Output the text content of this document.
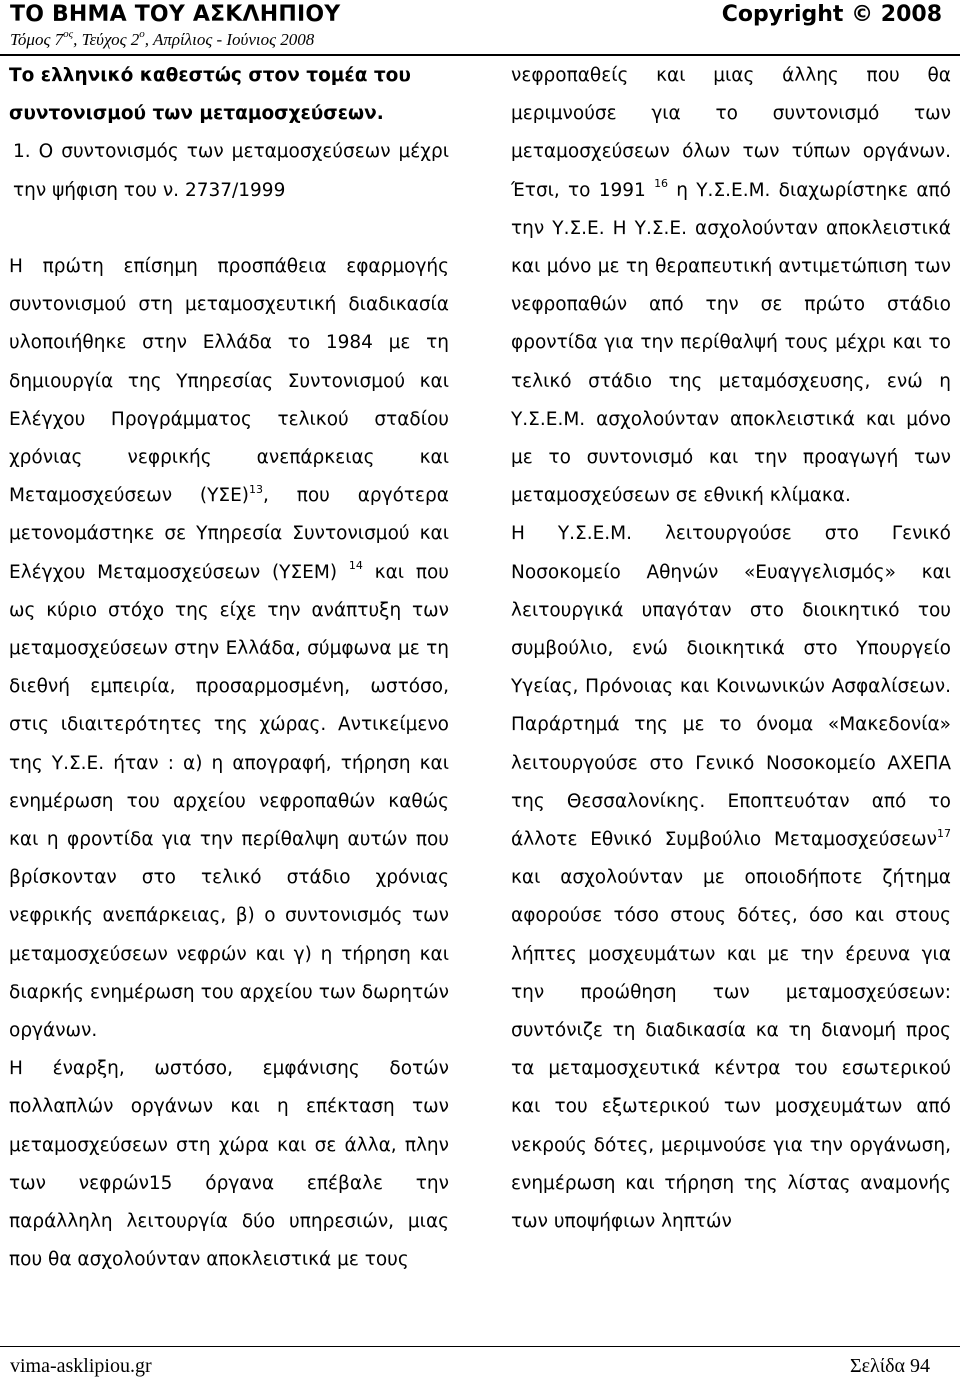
ΤΟ ΒΗΜΑ ΤΟΥ ΑΣΚΛΗΠΙΟΥ
Τόμος $7^{o\varsigma}$, Τεύχος $2^o$, Απρίλιος - Ιούνιος 2008
Copyright © 2008

Το ελληνικό καθεστώς στον τομέα του

συντονισμού των μεταμοσχεύσεων.

1. Ο συντονισμός των μεταμοσχεύσεων μέχρι την ψήφιση του ν. 2737/1999

Η πρώτη επίσημη προσπάθεια εφαρμογής συντονισμού στη μεταμοσχευτική διαδικασία υλοποιήθηκε στην Ελλάδα το 1984 με τη δημιουργία της Υπηρεσίας Συντονισμού και Ελέγχου Προγράμματος τελικού σταδίου χρόνιας νεφρικής ανεπάρκειας και Μεταμοσχεύσεων $(\Upsilon\Sigma E)^{13}$, που αργότερα μετονομάστηκε σε Υπηρεσία Συντονισμού και Ελέγχου Μεταμοσχεύσεων (ΥΣΕΜ) $^{14}$ και που ως κύριο στόχο της είχε την ανάπτυξη των μεταμοσχεύσεων στην Ελλάδα, σύμφωνα με τη διεθνή εμπειρία, προσαρμοσμένη, ωστόσο, στις ιδιαιτερότητες της χώρας. Αντικείμενο της Υ.Σ.Ε. ήταν : α) η απογραφή, τήρηση και ενημέρωση του αρχείου νεφροπαθών καθώς και η φροντίδα για την περίθαλψη αυτών που βρίσκονταν στο τελικό στάδιο χρόνιας νεφρικής ανεπάρκειας, β) ο συντονισμός των μεταμοσχεύσεων νεφρών και γ) η τήρηση και διαρκής ενημέρωση του αρχείου των δωρητών οργάνων.

Η έναρξη, ωστόσο, εμφάνισης δοτών πολλαπλών οργάνων και η επέκταση των μεταμοσχεύσεων στη χώρα και σε άλλα, πλην των νεφρών15 όργανα επέβαλε την παράλληλη λειτουργία δύο υπηρεσιών, μιας που θα ασχολούνταν αποκλειστικά με τους

νεφροπαθείς και μιας άλλης που θα μεριμνούσε για το συντονισμό των μεταμοσχεύσεων όλων των τύπων οργάνων. Έτσι, το 1991 $^{16}$ η Υ.Σ.Ε.Μ. διαχωρίστηκε από την Υ.Σ.Ε. Η Υ.Σ.Ε. ασχολούνταν αποκλειστικά και μόνο με τη θεραπευτική αντιμετώπιση των νεφροπαθών από την σε πρώτο στάδιο φροντίδα για την περίθαλψή τους μέχρι και το τελικό στάδιο της μεταμόσχευσης, ενώ η Υ.Σ.Ε.Μ. ασχολούνταν αποκλειστικά και μόνο με το συντονισμό και την προαγωγή των μεταμοσχεύσεων σε εθνική κλίμακα.

Η Υ.Σ.Ε.Μ. λειτουργούσε στο Γενικό Νοσοκομείο Αθηνών «Ευαγγελισμός» και λειτουργικά υπαγόταν στο διοικητικό του συμβούλιο, ενώ διοικητικά στο Υπουργείο Υγείας, Πρόνοιας και Κοινωνικών Ασφαλίσεων. Παράρτημά της με το όνομα «Μακεδονία» λειτουργούσε στο Γενικό Νοσοκομείο ΑΧΕΠΑ της Θεσσαλονίκης. Εποπτευόταν από το άλλοτε Εθνικό Συμβούλιο Μεταμοσχεύσεων$^{17}$ και ασχολούνταν με οποιοδήποτε ζήτημα αφορούσε τόσο στους δότες, όσο και στους λήπτες μοσχευμάτων και με την έρευνα για την προώθηση των μεταμοσχεύσεων: συντόνιζε τη διαδικασία κα τη διανομή προς τα μεταμοσχευτικά κέντρα του εσωτερικού και του εξωτερικού των μοσχευμάτων από νεκρούς δότες, μεριμνούσε για την οργάνωση, ενημέρωση και τήρηση της λίστας αναμονής των υποψήφιων ληπτών

vima-asklipiou.gr	Σελίδα 94
